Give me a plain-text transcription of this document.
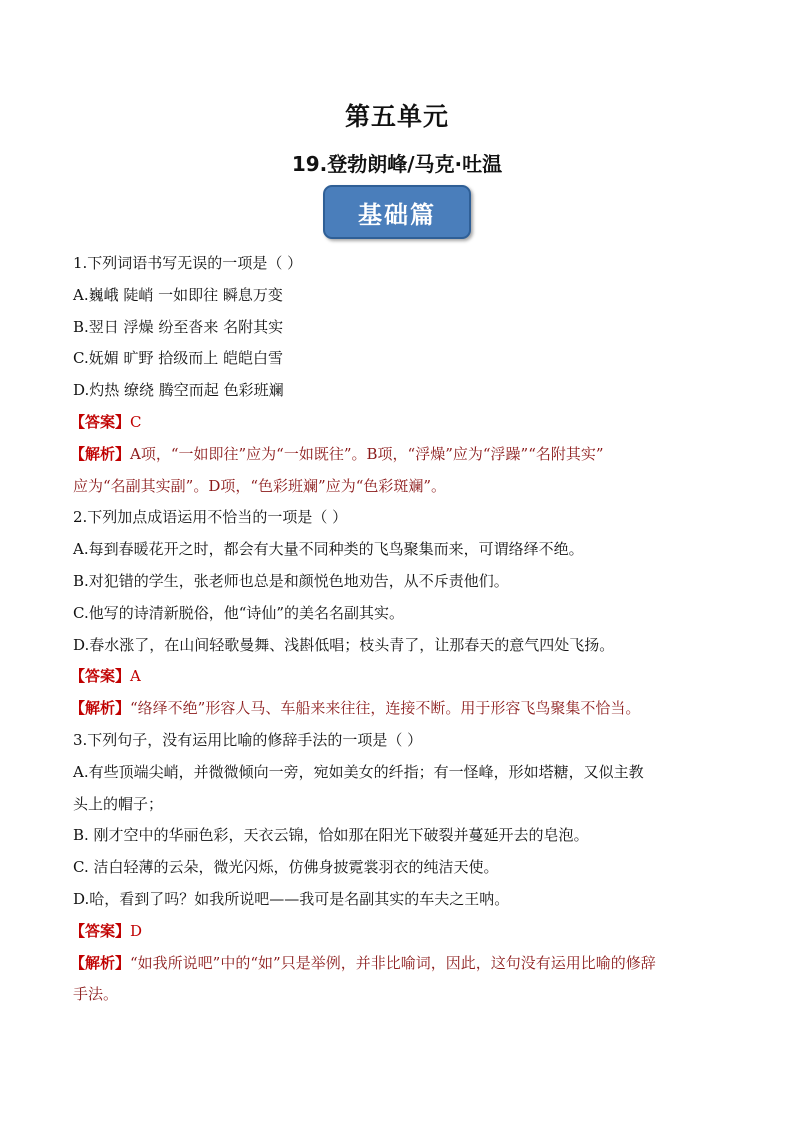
第五单元
19.登勃朗峰/马克·吐温
基础篇
1.下列词语书写无误的一项是（ ）
A.巍峨 陡峭 一如即往 瞬息万变
B.翌日 浮燥 纷至沓来 名附其实
C.妩媚 旷野 拾级而上 皑皑白雪
D.灼热 缭绕 腾空而起 色彩班斓
【答案】C
【解析】A项，“一如即往”应为“一如既往”。B项，“浮燥”应为“浮躁”“名附其实”
应为“名副其实副”。D项，“色彩班斓”应为“色彩斑斓”。
2.下列加点成语运用不恰当的一项是（ ）
A.每到春暖花开之时，都会有大量不同种类的飞鸟聚集而来，可谓络绎不绝。
B.对犯错的学生，张老师也总是和颜悦色地劝告，从不斥责他们。
C.他写的诗清新脱俗，他“诗仙”的美名名副其实。
D.春水涨了，在山间轻歌曼舞、浅斟低唱；枝头青了，让那春天的意气四处飞扬。
【答案】A
【解析】“络绎不绝”形容人马、车船来来往往，连接不断。用于形容飞鸟聚集不恰当。
3.下列句子，没有运用比喻的修辞手法的一项是（ ）
A.有些顶端尖峭，并微微倾向一旁，宛如美女的纤指；有一怪峰，形如塔糖，又似主教
头上的帽子；
B. 刚才空中的华丽色彩，天衣云锦，恰如那在阳光下破裂并蔓延开去的皂泡。
C. 洁白轻薄的云朵，微光闪烁，仿佛身披霓裳羽衣的纯洁天使。
D.哈，看到了吗？如我所说吧——我可是名副其实的车夫之王呐。
【答案】D
【解析】“如我所说吧”中的“如”只是举例，并非比喻词，因此，这句没有运用比喻的修辞
手法。
